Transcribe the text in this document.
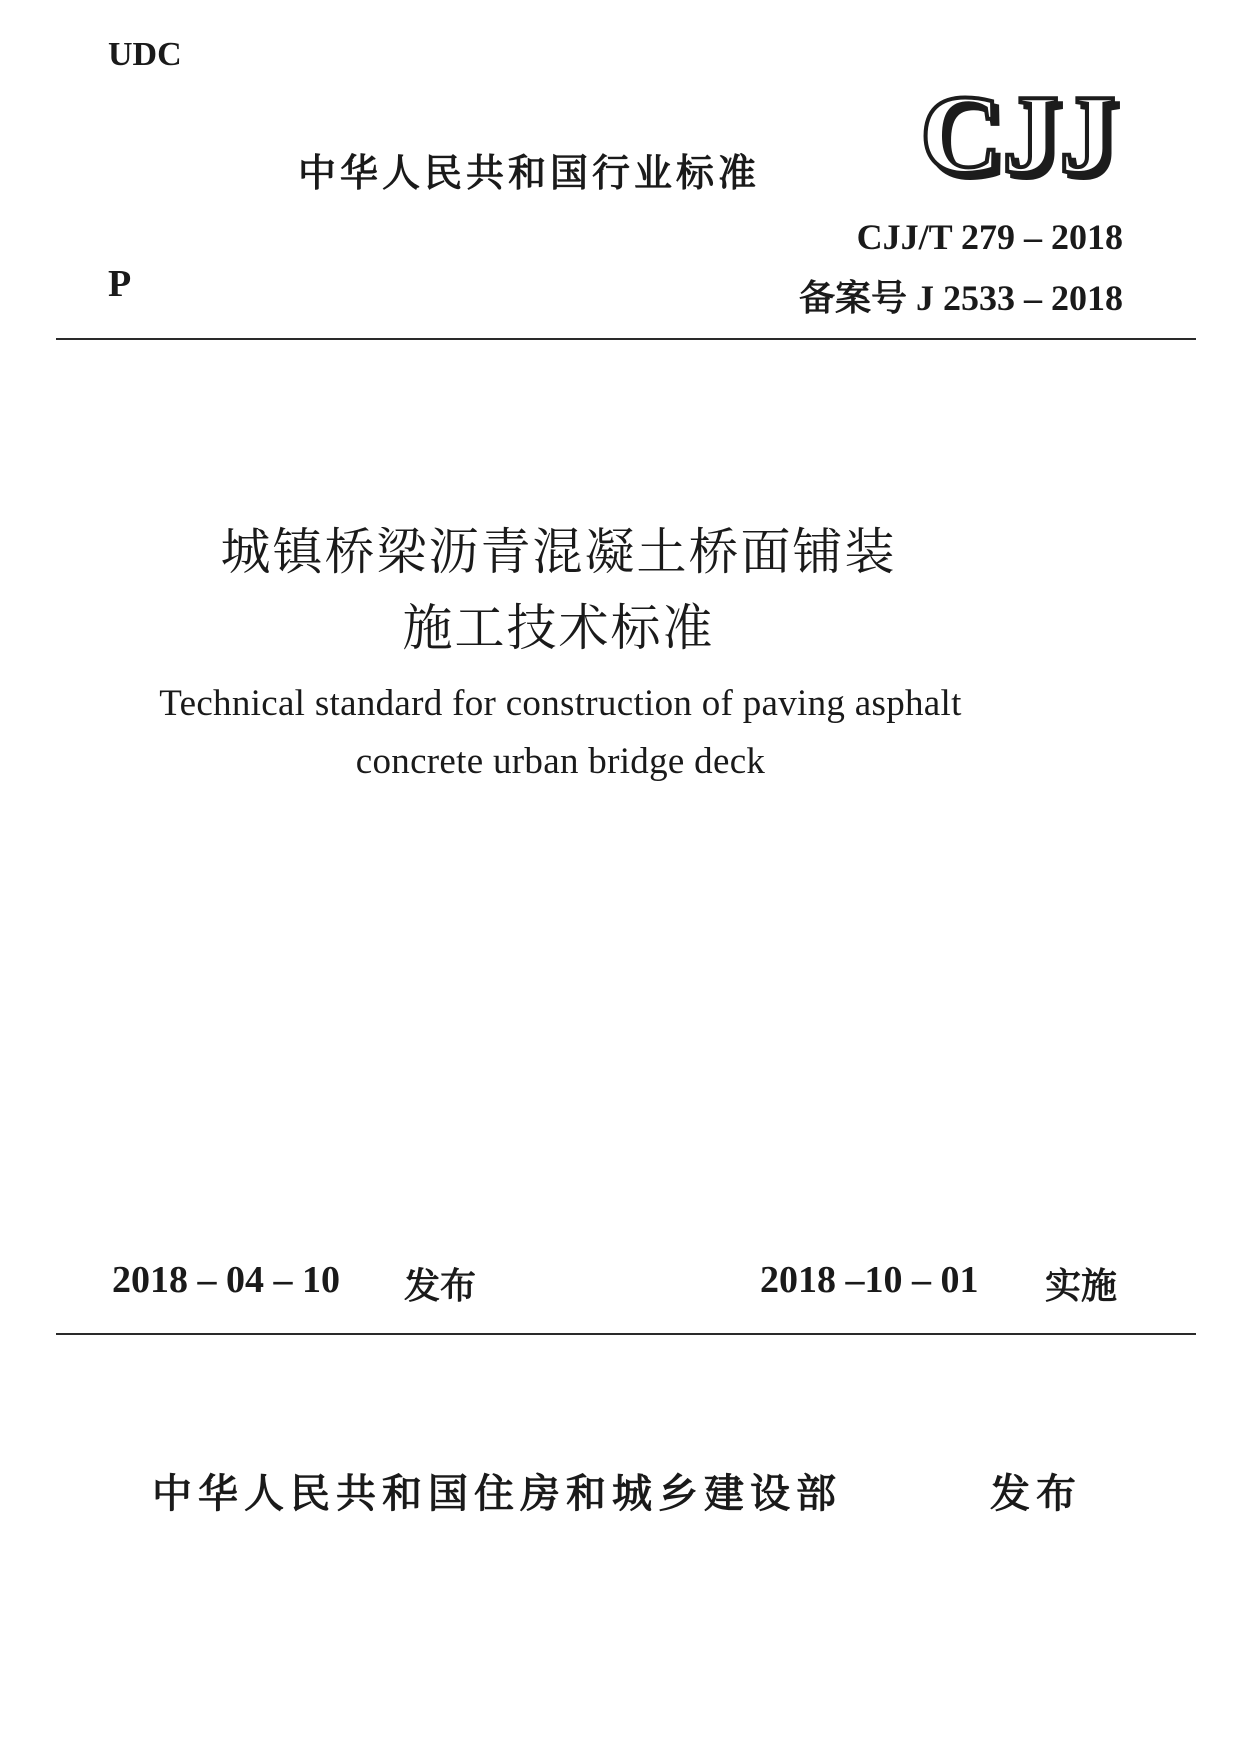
UDC
中华人民共和国行业标准 CJJ
P
CJJ/T 279 – 2018
备案号 J 2533 – 2018
城镇桥梁沥青混凝土桥面铺装
施工技术标准
Technical standard for construction of paving asphalt
concrete urban bridge deck
2018 – 04 – 10 发布	2018 –10 – 01 实施
中华人民共和国住房和城乡建设部	发布
